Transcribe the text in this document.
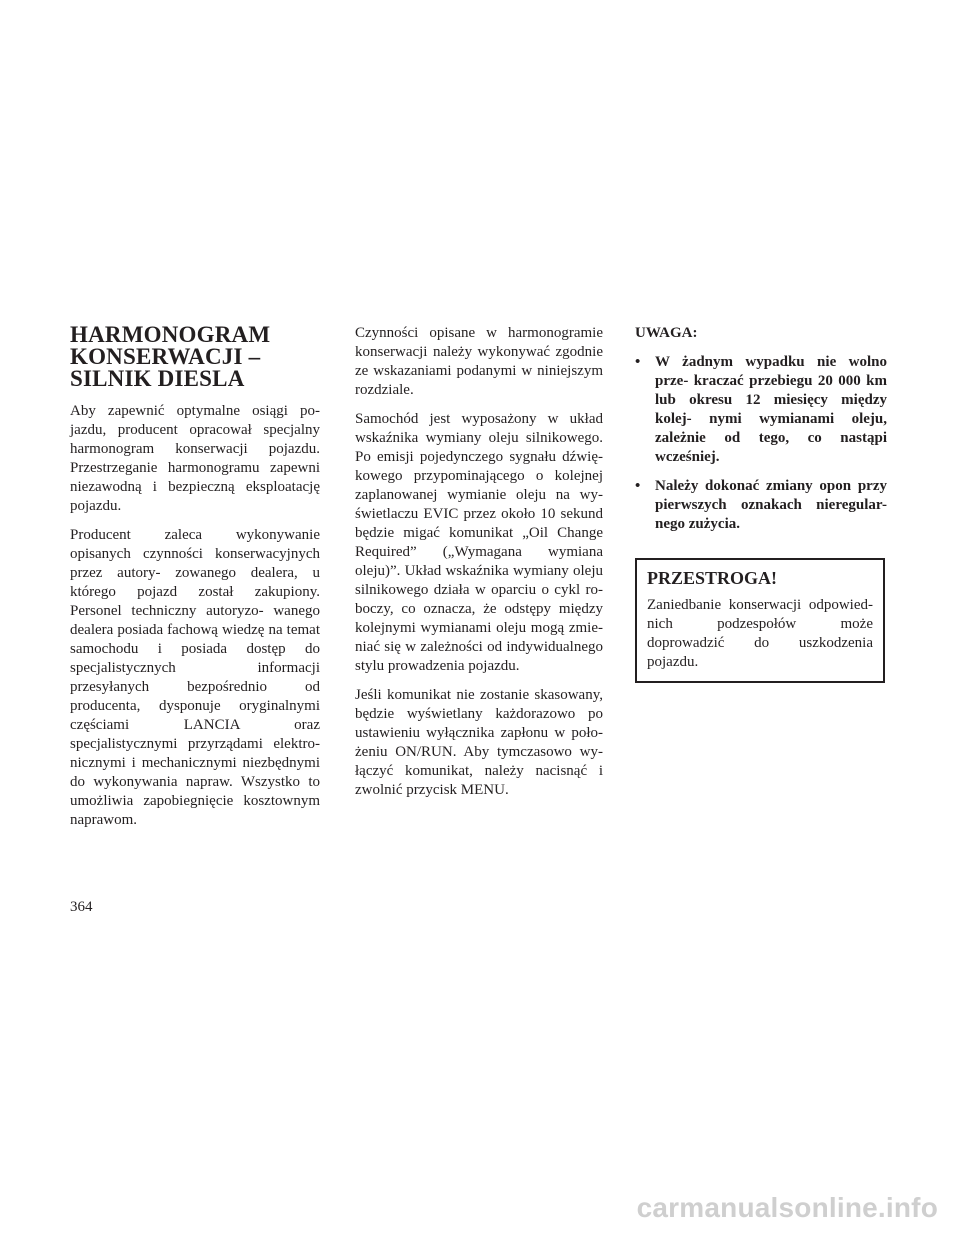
HARMONOGRAM KONSERWACJI – SILNIK DIESLA

Aby zapewnić optymalne osiągi po- jazdu, producent opracował specjalny harmonogram konserwacji pojazdu. Przestrzeganie harmonogramu zapewni niezawodną i bezpieczną eksploatację pojazdu.

Producent zaleca wykonywanie opisanych czynności konserwacyjnych przez autory- zowanego dealera, u którego pojazd został zakupiony. Personel techniczny autoryzo- wanego dealera posiada fachową wiedzę na temat samochodu i posiada dostęp do specjalistycznych informacji przesyłanych bezpośrednio od producenta, dysponuje oryginalnymi częściami LANCIA oraz specjalistycznymi przyrządami elektro- nicznymi i mechanicznymi niezbędnymi do wykonywania napraw. Wszystko to umożliwia zapobiegnięcie kosztownym naprawom.

Czynności opisane w harmonogramie konserwacji należy wykonywać zgodnie ze wskazaniami podanymi w niniejszym rozdziale.

Samochód jest wyposażony w układ wskaźnika wymiany oleju silnikowego. Po emisji pojedynczego sygnału dźwię- kowego przypominającego o kolejnej zaplanowanej wymianie oleju na wy- świetlaczu EVIC przez około 10 sekund będzie migać komunikat „Oil Change Required” („Wymagana wymiana oleju)”. Układ wskaźnika wymiany oleju silnikowego działa w oparciu o cykl ro- boczy, co oznacza, że odstępy między kolejnymi wymianami oleju mogą zmie- niać się w zależności od indywidualnego stylu prowadzenia pojazdu.

Jeśli komunikat nie zostanie skasowany, będzie wyświetlany każdorazowo po ustawieniu wyłącznika zapłonu w poło- żeniu ON/RUN. Aby tymczasowo wy- łączyć komunikat, należy nacisnąć i zwolnić przycisk MENU.

UWAGA:
• W żadnym wypadku nie wolno prze- kraczać przebiegu 20 000 km lub okresu 12 miesięcy między kolej- nymi wymianami oleju, zależnie od tego, co nastąpi wcześniej.
• Należy dokonać zmiany opon przy pierwszych oznakach nieregular- nego zużycia.
PRZESTROGA!

Zaniedbanie konserwacji odpowied- nich podzespołów może doprowadzić do uszkodzenia pojazdu.

364
carmanualsonline.info
